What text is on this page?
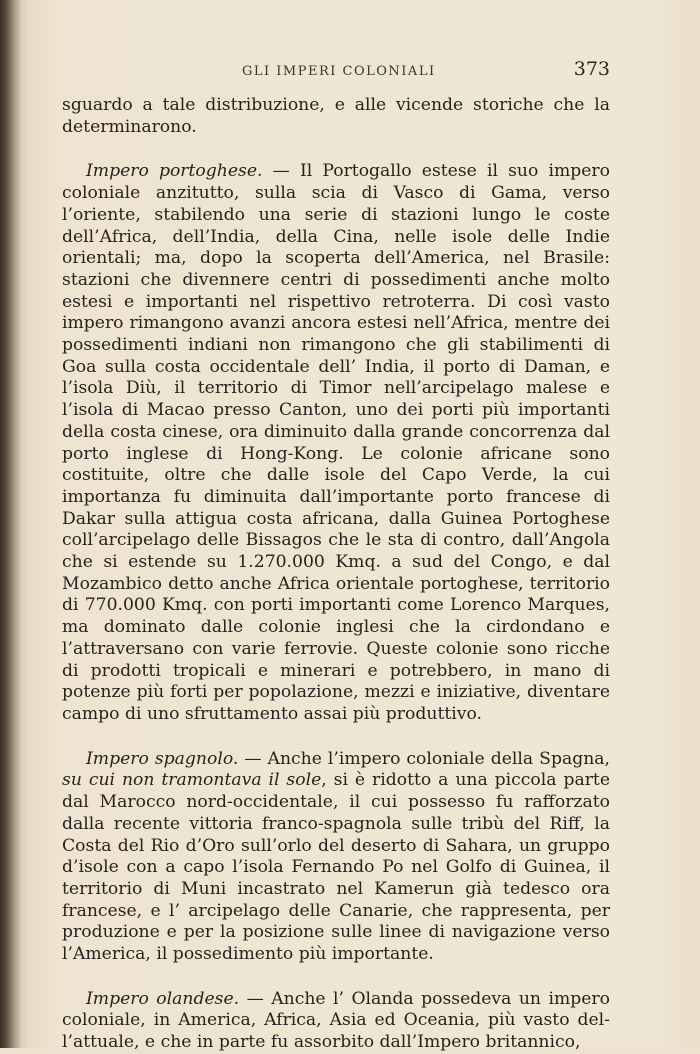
GLI IMPERI COLONIALI	373

sguardo a tale distribuzione, e alle vicende storiche che la determinarono.

Impero portoghese. — Il Portogallo estese il suo impero coloniale anzitutto, sulla scia di Vasco di Gama, verso l’oriente, stabilendo una serie di stazioni lungo le coste dell’Africa, dell’India, della Cina, nelle isole delle Indie orientali; ma, dopo la scoperta dell’America, nel Brasile: stazioni che divennere centri di possedimenti anche molto estesi e importanti nel rispettivo retroterra. Di così vasto impero rimangono avanzi ancora estesi nell’Africa, mentre dei possedimenti indiani non rimangono che gli stabilimenti di Goa sulla costa occidentale dell’ India, il porto di Daman, e l’isola Diù, il territorio di Timor nell’arcipelago malese e l’isola di Macao presso Canton, uno dei porti più importanti della costa cinese, ora diminuito dalla grande concorrenza dal porto inglese di Hong-Kong. Le colonie africane sono costituite, oltre che dalle isole del Capo Verde, la cui importanza fu diminuita dall’importante porto francese di Dakar sulla attigua costa africana, dalla Guinea Portoghese coll’arcipelago delle Bissagos che le sta di contro, dall’Angola che si estende su 1.270.000 Kmq. a sud del Congo, e dal Mozambico detto anche Africa orientale portoghese, territorio di 770.000 Kmq. con porti importanti come Lorenco Marques, ma dominato dalle colonie inglesi che la cirdondano e l’attraversano con varie ferrovie. Queste colonie sono ricche di prodotti tropicali e minerari e potrebbero, in mano di potenze più forti per popolazione, mezzi e iniziative, diventare campo di uno sfruttamento assai più produttivo.

Impero spagnolo. — Anche l’impero coloniale della Spagna, su cui non tramontava il sole, si è ridotto a una piccola parte dal Marocco nord-occidentale, il cui possesso fu rafforzato dalla recente vittoria franco-spagnola sulle tribù del Riff, la Costa del Rio d’Oro sull’orlo del deserto di Sahara, un gruppo d’isole con a capo l’isola Fernando Po nel Golfo di Guinea, il territorio di Muni incastrato nel Kamerun già tedesco ora francese, e l’ arcipelago delle Canarie, che rappresenta, per produzione e per la posizione sulle linee di navigazione verso l’America, il possedimento più importante.

Impero olandese. — Anche l’ Olanda possedeva un impero coloniale, in America, Africa, Asia ed Oceania, più vasto del-l’attuale, e che in parte fu assorbito dall’Impero britannico,
